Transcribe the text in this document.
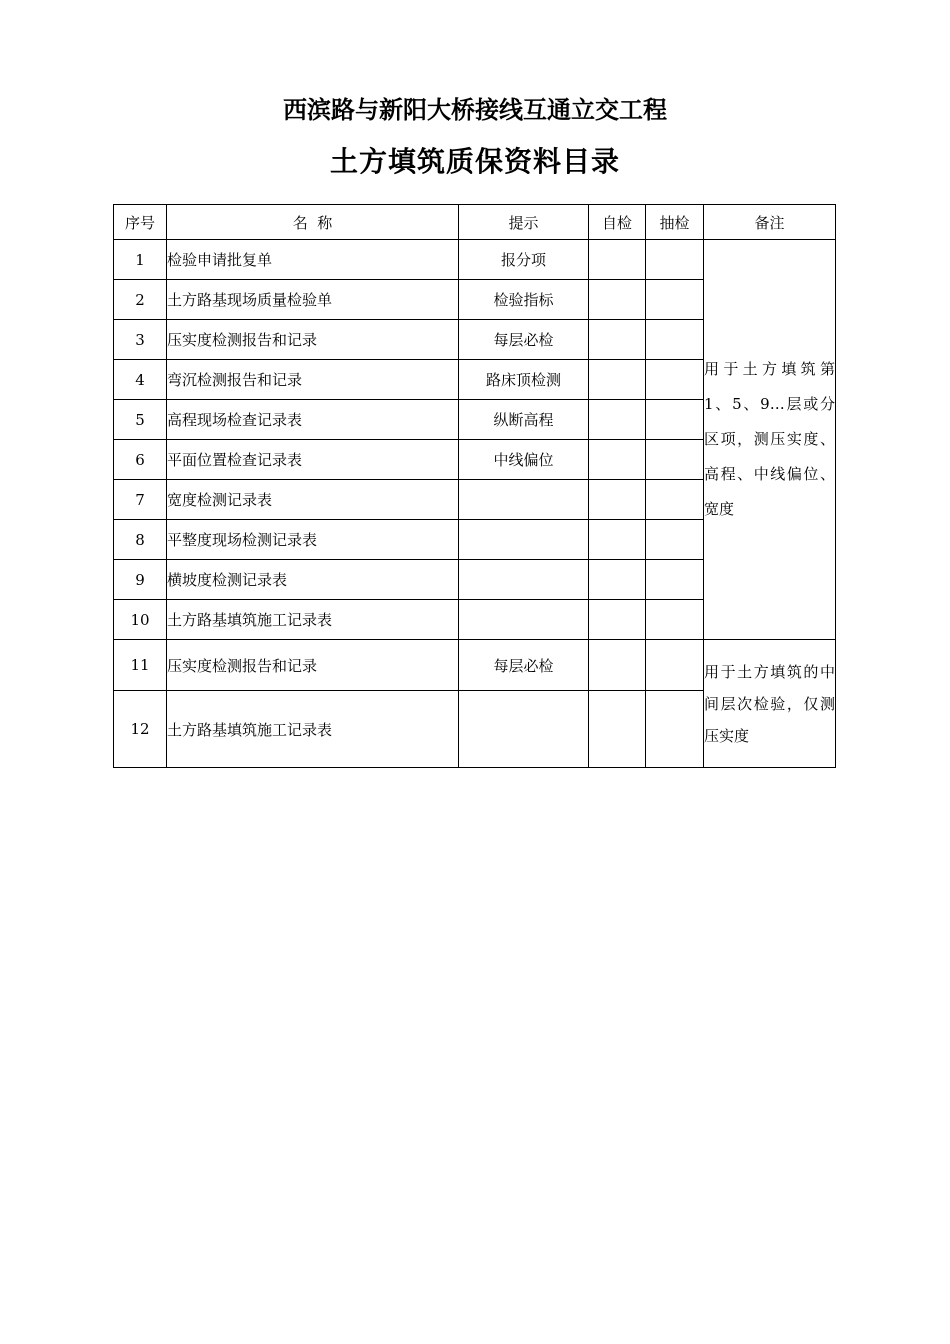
西滨路与新阳大桥接线互通立交工程
土方填筑质保资料目录
序号	名  称	提示	自检	抽检	备注
1	检验申请批复单	报分项			用于土方填筑第 1、5、9…层或分区项，测压实度、高程、中线偏位、宽度
2	土方路基现场质量检验单	检验指标			
3	压实度检测报告和记录	每层必检			
4	弯沉检测报告和记录	路床顶检测			
5	高程现场检查记录表	纵断高程			
6	平面位置检查记录表	中线偏位			
7	宽度检测记录表				
8	平整度现场检测记录表				
9	横坡度检测记录表				
10	土方路基填筑施工记录表				
11	压实度检测报告和记录	每层必检			用于土方填筑的中间层次检验，仅测压实度
12	土方路基填筑施工记录表				
